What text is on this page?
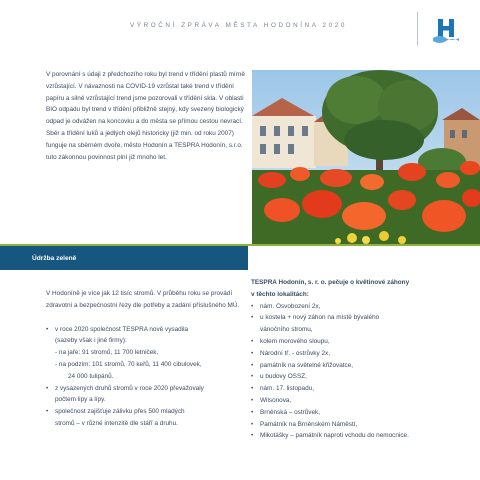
VÝROČNÍ ZPRÁVA MĚSTA HODONÍNA 2020

V porovnání s údaji z předchozího roku byl trend v třídění plastů mírně vzrůstající. V návaznosti na COVID-19 vzrůstal také trend v třídění papíru a silně vzrůstající trend jsme pozorovali v třídění skla. V oblasti BIO odpadu byl trend v třídění přibližně stejný, kdy svezený biologický odpad je odvážen na koncovku a do města se přímou cestou nevrací.

Sběr a třídění luků a jedlých olejů historicky (již min. od roku 2007) funguje na sběrném dvoře, město Hodonín a TESPRA Hodonín, s.r.o. tuto zákonnou povinnost plní již mnoho let.

Údržba zeleně

V Hodoníně je více jak 12 tisíc stromů. V průběhu roku se provádí zdravotní a bezpečnostní řezy dle potřeby a zadání příslušného MÚ.

• v roce 2020 společnost TESPRA nově vysadila
(sazeby však i jiné firmy):
- na jaře: 91 stromů, 11 700 letniček,
- na podzim: 101 stromů, 70 keřů, 11 400 cibulovek,
24 000 tulipánů.
• z vysazených druhů stromů v roce 2020 převažovaly
počtem lipy a lípy.
• společnost zajišťuje zálivku přes 500 mladých
stromů – v různé intenzitě dle stáří a druhu.

TESPRA Hodonín, s. r. o. pečuje o květinové záhony

v těchto lokalitách:

• nám. Osvobození 2x,
• u kostela + nový záhon na místě bývalého
vánočního stromu,
• kolem morového sloupu,
• Národní tř. - ostrůvky 2x,
• památník na světelné křižovatce,
• u budovy OSSZ,
• nám. 17. listopadu,
• Wilsonova,
• Brněnská – ostrůvek,
• Památník na Brněnském Náměstí,
• Mikotášky – památník naproti vchodu do nemocnice.
